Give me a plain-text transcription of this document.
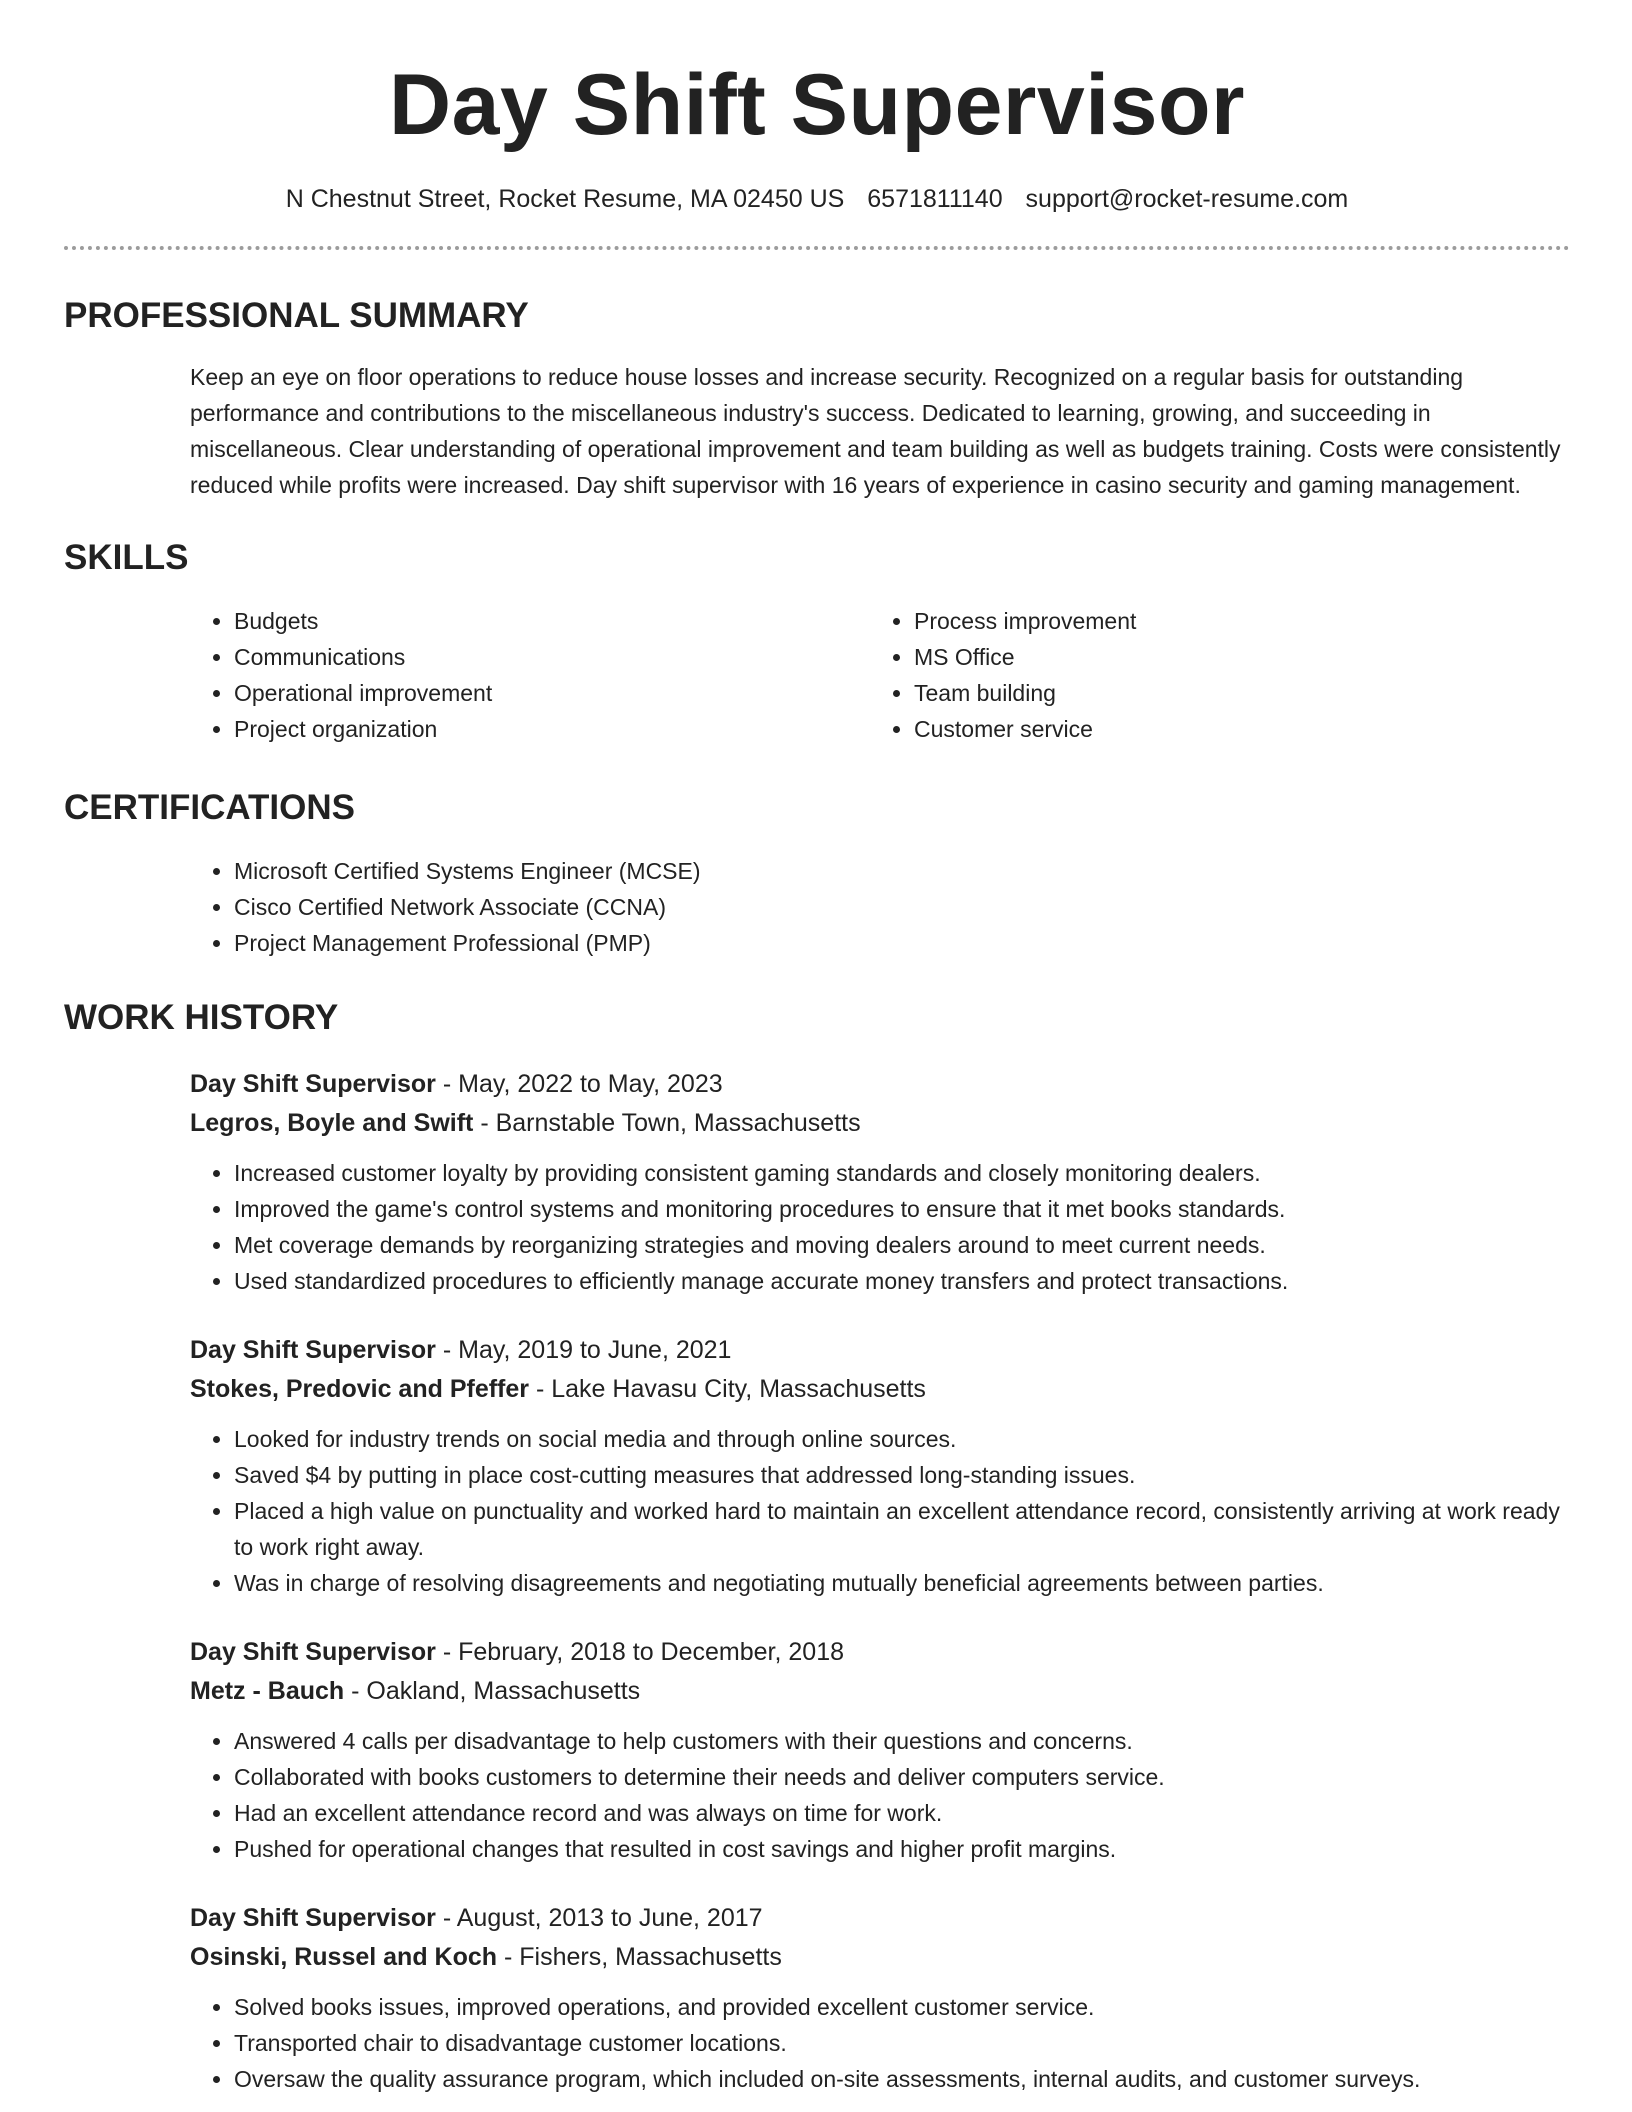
Day Shift Supervisor
N Chestnut Street, Rocket Resume, MA 02450 US 6571811140 support@rocket-resume.com
PROFESSIONAL SUMMARY

Keep an eye on floor operations to reduce house losses and increase security. Recognized on a regular basis for outstanding performance and contributions to the miscellaneous industry's success. Dedicated to learning, growing, and succeeding in miscellaneous. Clear understanding of operational improvement and team building as well as budgets training. Costs were consistently reduced while profits were increased. Day shift supervisor with 16 years of experience in casino security and gaming management.

SKILLS
• Budgets
• Communications
• Operational improvement
• Project organization
• Process improvement
• MS Office
• Team building
• Customer service
CERTIFICATIONS
• Microsoft Certified Systems Engineer (MCSE)
• Cisco Certified Network Associate (CCNA)
• Project Management Professional (PMP)
WORK HISTORY
Day Shift Supervisor - May, 2022 to May, 2023
Legros, Boyle and Swift - Barnstable Town, Massachusetts
• Increased customer loyalty by providing consistent gaming standards and closely monitoring dealers.
• Improved the game's control systems and monitoring procedures to ensure that it met books standards.
• Met coverage demands by reorganizing strategies and moving dealers around to meet current needs.
• Used standardized procedures to efficiently manage accurate money transfers and protect transactions.
Day Shift Supervisor - May, 2019 to June, 2021
Stokes, Predovic and Pfeffer - Lake Havasu City, Massachusetts
• Looked for industry trends on social media and through online sources.
• Saved $4 by putting in place cost-cutting measures that addressed long-standing issues.
• Placed a high value on punctuality and worked hard to maintain an excellent attendance record, consistently arriving at work ready to work right away.
• Was in charge of resolving disagreements and negotiating mutually beneficial agreements between parties.
Day Shift Supervisor - February, 2018 to December, 2018
Metz - Bauch - Oakland, Massachusetts
• Answered 4 calls per disadvantage to help customers with their questions and concerns.
• Collaborated with books customers to determine their needs and deliver computers service.
• Had an excellent attendance record and was always on time for work.
• Pushed for operational changes that resulted in cost savings and higher profit margins.
Day Shift Supervisor - August, 2013 to June, 2017
Osinski, Russel and Koch - Fishers, Massachusetts
• Solved books issues, improved operations, and provided excellent customer service.
• Transported chair to disadvantage customer locations.
• Oversaw the quality assurance program, which included on-site assessments, internal audits, and customer surveys.
